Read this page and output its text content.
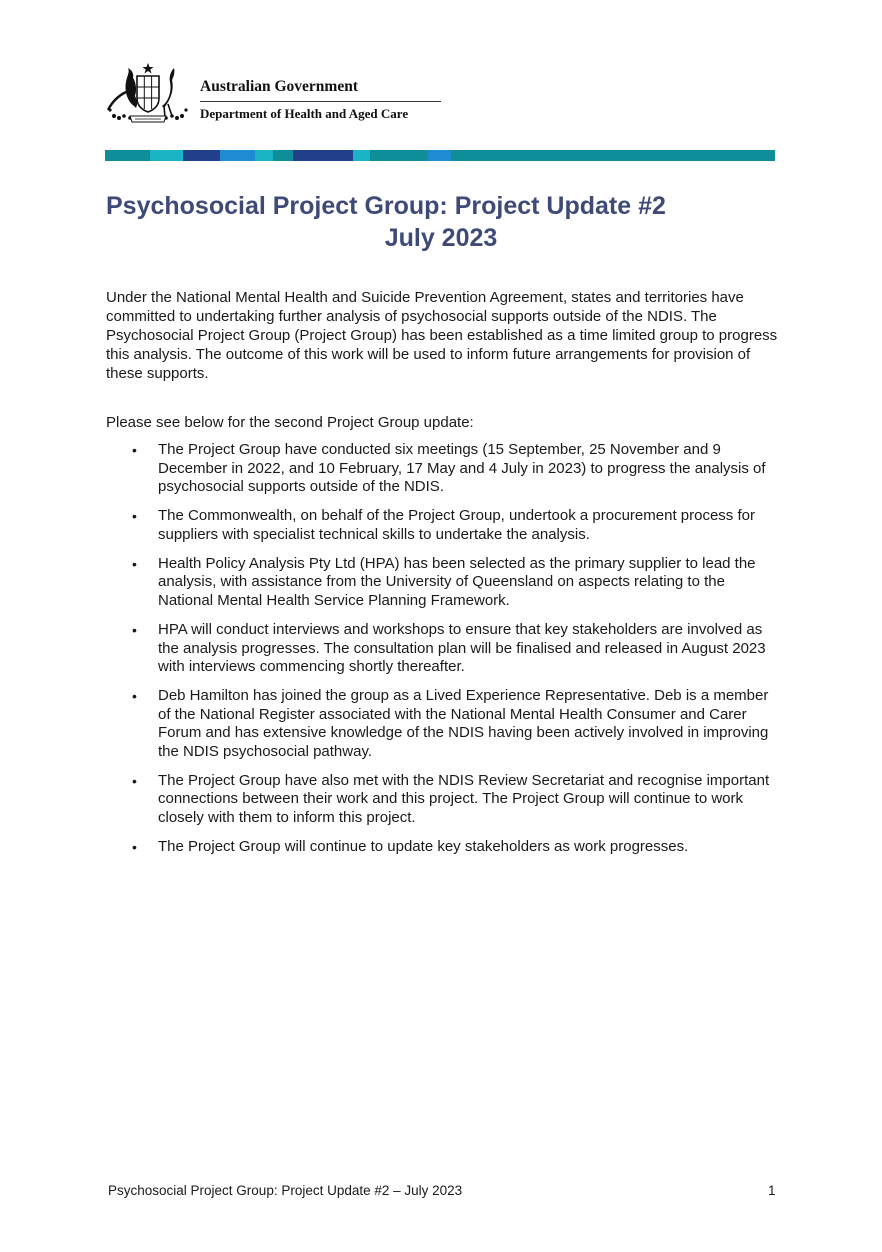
Australian Government
Department of Health and Aged Care
Psychosocial Project Group: Project Update #2
July 2023

Under the National Mental Health and Suicide Prevention Agreement, states and territories have committed to undertaking further analysis of psychosocial supports outside of the NDIS. The Psychosocial Project Group (Project Group) has been established as a time limited group to progress this analysis. The outcome of this work will be used to inform future arrangements for provision of these supports.

Please see below for the second Project Group update:

• The Project Group have conducted six meetings (15 September, 25 November and 9 December in 2022, and 10 February, 17 May and 4 July in 2023) to progress the analysis of psychosocial supports outside of the NDIS.
• The Commonwealth, on behalf of the Project Group, undertook a procurement process for suppliers with specialist technical skills to undertake the analysis.
• Health Policy Analysis Pty Ltd (HPA) has been selected as the primary supplier to lead the analysis, with assistance from the University of Queensland on aspects relating to the National Mental Health Service Planning Framework.
• HPA will conduct interviews and workshops to ensure that key stakeholders are involved as the analysis progresses. The consultation plan will be finalised and released in August 2023 with interviews commencing shortly thereafter.
• Deb Hamilton has joined the group as a Lived Experience Representative. Deb is a member of the National Register associated with the National Mental Health Consumer and Carer Forum and has extensive knowledge of the NDIS having been actively involved in improving the NDIS psychosocial pathway.
• The Project Group have also met with the NDIS Review Secretariat and recognise important connections between their work and this project. The Project Group will continue to work closely with them to inform this project.
• The Project Group will continue to update key stakeholders as work progresses.
Psychosocial Project Group: Project Update #2 – July 2023	1
